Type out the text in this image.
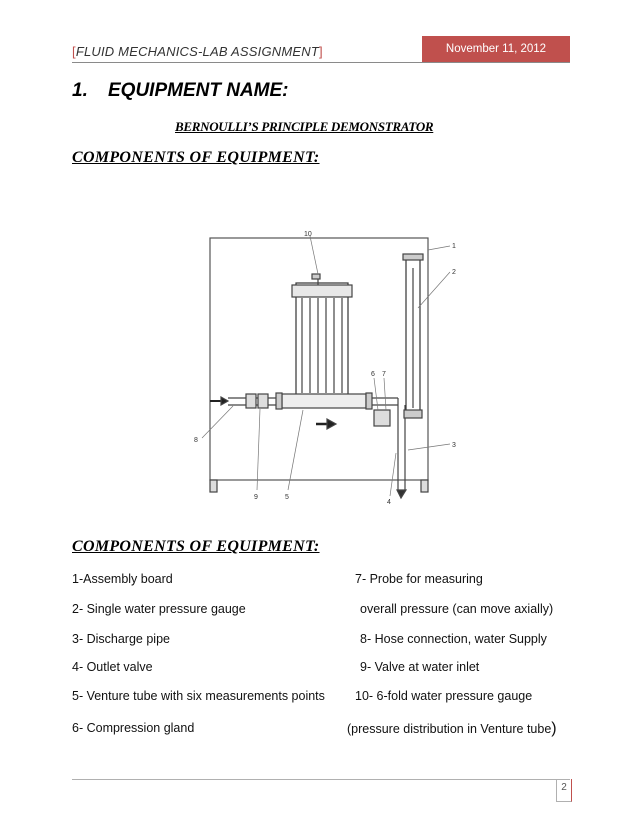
[FLUID MECHANICS-LAB ASSIGNMENT]	November 11, 2012
1. EQUIPMENT NAME:
BERNOULLI’S PRINCIPLE DEMONSTRATOR
COMPONENTS OF EQUIPMENT:
1
2
3
4
5
6 7
8
9
10
COMPONENTS OF EQUIPMENT:
1-Assembly board	7- Probe for measuring
2- Single water pressure gauge	overall pressure (can move axially)
3- Discharge pipe	8- Hose connection, water Supply
4- Outlet valve	9- Valve at water inlet
5- Venture tube with six measurements points 10- 6-fold water pressure gauge
6- Compression gland	(pressure distribution in Venture tube)
2
